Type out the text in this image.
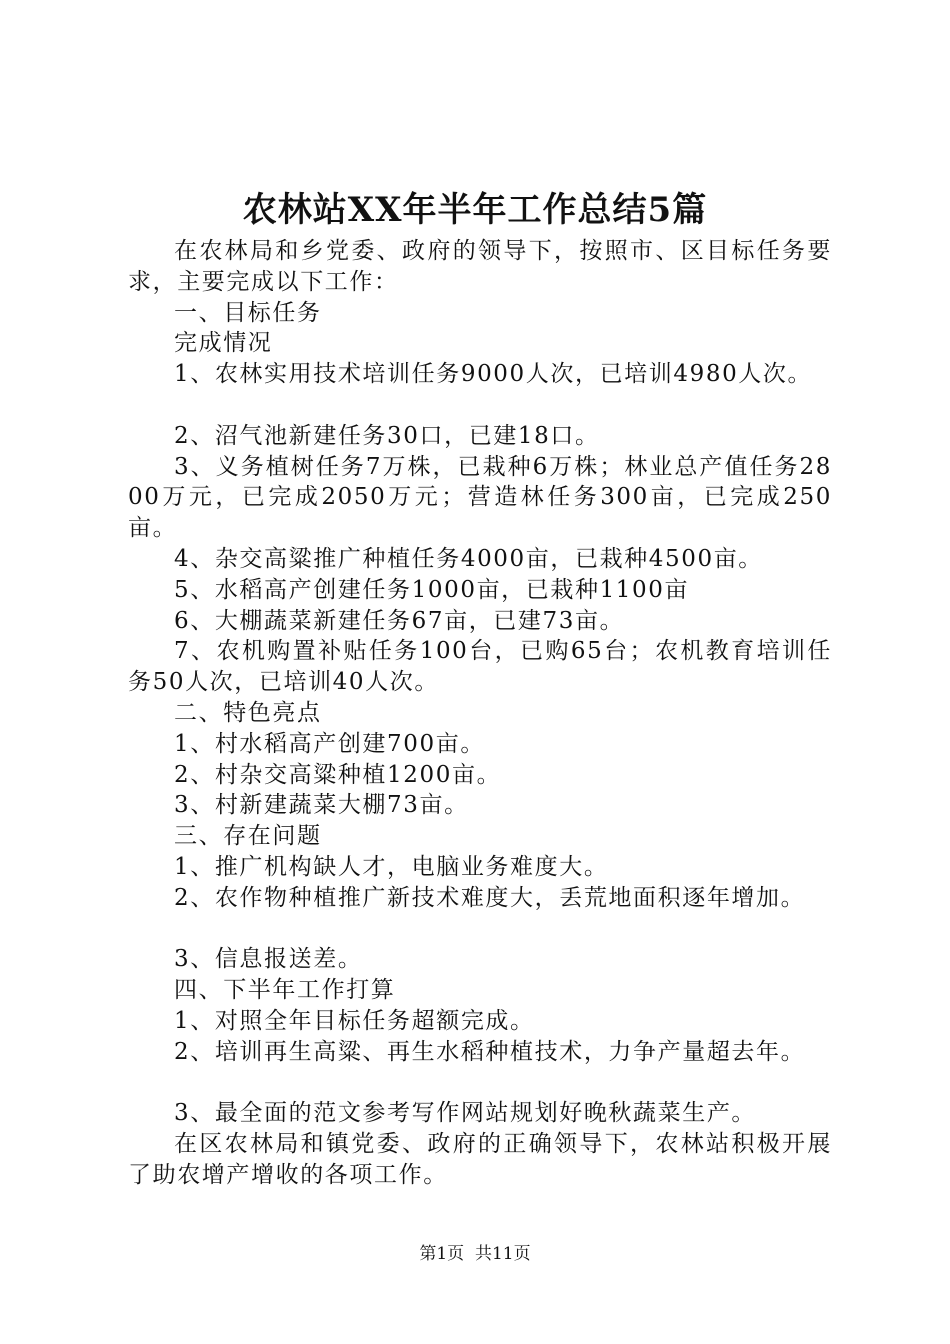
农林站XX年半年工作总结5篇

在农林局和乡党委、政府的领导下，按照市、区目标任务要求，主要完成以下工作：

一、目标任务

完成情况

1、农林实用技术培训任务9000人次，已培训4980人次。

2、沼气池新建任务30口，已建18口。

3、义务植树任务7万株，已栽种6万株；林业总产值任务2800万元，已完成2050万元；营造林任务300亩，已完成250亩。

4、杂交高粱推广种植任务4000亩，已栽种4500亩。

5、水稻高产创建任务1000亩，已栽种1100亩

6、大棚蔬菜新建任务67亩，已建73亩。

7、农机购置补贴任务100台，已购65台；农机教育培训任务50人次，已培训40人次。

二、特色亮点

1、村水稻高产创建700亩。

2、村杂交高粱种植1200亩。

3、村新建蔬菜大棚73亩。

三、存在问题

1、推广机构缺人才，电脑业务难度大。

2、农作物种植推广新技术难度大，丢荒地面积逐年增加。

3、信息报送差。

四、下半年工作打算

1、对照全年目标任务超额完成。

2、培训再生高粱、再生水稻种植技术，力争产量超去年。

3、最全面的范文参考写作网站规划好晚秋蔬菜生产。

在区农林局和镇党委、政府的正确领导下，农林站积极开展了助农增产增收的各项工作。

第1页  共11页
